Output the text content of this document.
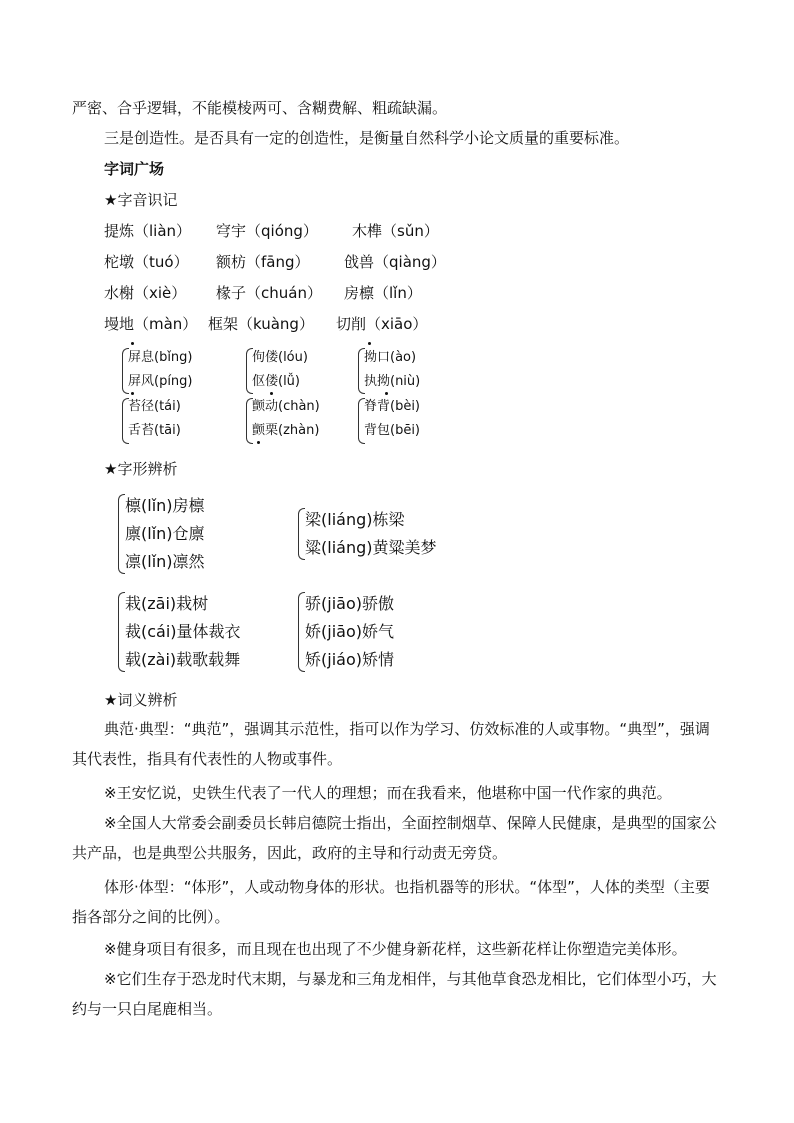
严密、合乎逻辑，不能模棱两可、含糊费解、粗疏缺漏。
三是创造性。是否具有一定的创造性，是衡量自然科学小论文质量的重要标准。
字词广场
★字音识记
提炼（liàn） 穹宇（qióng） 木榫（sǔn）
柁墩（tuó） 额枋（fāng） 戗兽（qiàng）
水榭（xiè） 椽子（chuán） 房檩（lǐn）
墁地（màn） 框架（kuàng） 切削（xiāo）
屏息(bǐng)
屏风(píng)
苔径(tái)
舌苔(tāi)
佝偻(lóu)
伛偻(lǚ)
颤动(chàn)
颤栗(zhàn)
拗口(ào)
执拗(niù)
脊背(bèi)
背包(bēi)
★字形辨析
檩(lǐn)房檩
廪(lǐn)仓廪
凛(lǐn)凛然
梁(liáng)栋梁
粱(liáng)黄粱美梦
栽(zāi)栽树
裁(cái)量体裁衣
载(zài)载歌载舞
骄(jiāo)骄傲
娇(jiāo)娇气
矫(jiáo)矫情
★词义辨析
典范·典型：“典范”，强调其示范性，指可以作为学习、仿效标准的人或事物。“典型”，强调其代表性，指具有代表性的人物或事件。
※王安忆说，史铁生代表了一代人的理想；而在我看来，他堪称中国一代作家的典范。
※全国人大常委会副委员长韩启德院士指出，全面控制烟草、保障人民健康，是典型的国家公共产品，也是典型公共服务，因此，政府的主导和行动责无旁贷。
体形·体型：“体形”，人或动物身体的形状。也指机器等的形状。“体型”，人体的类型（主要指各部分之间的比例）。
※健身项目有很多，而且现在也出现了不少健身新花样，这些新花样让你塑造完美体形。
※它们生存于恐龙时代末期，与暴龙和三角龙相伴，与其他草食恐龙相比，它们体型小巧，大约与一只白尾鹿相当。
